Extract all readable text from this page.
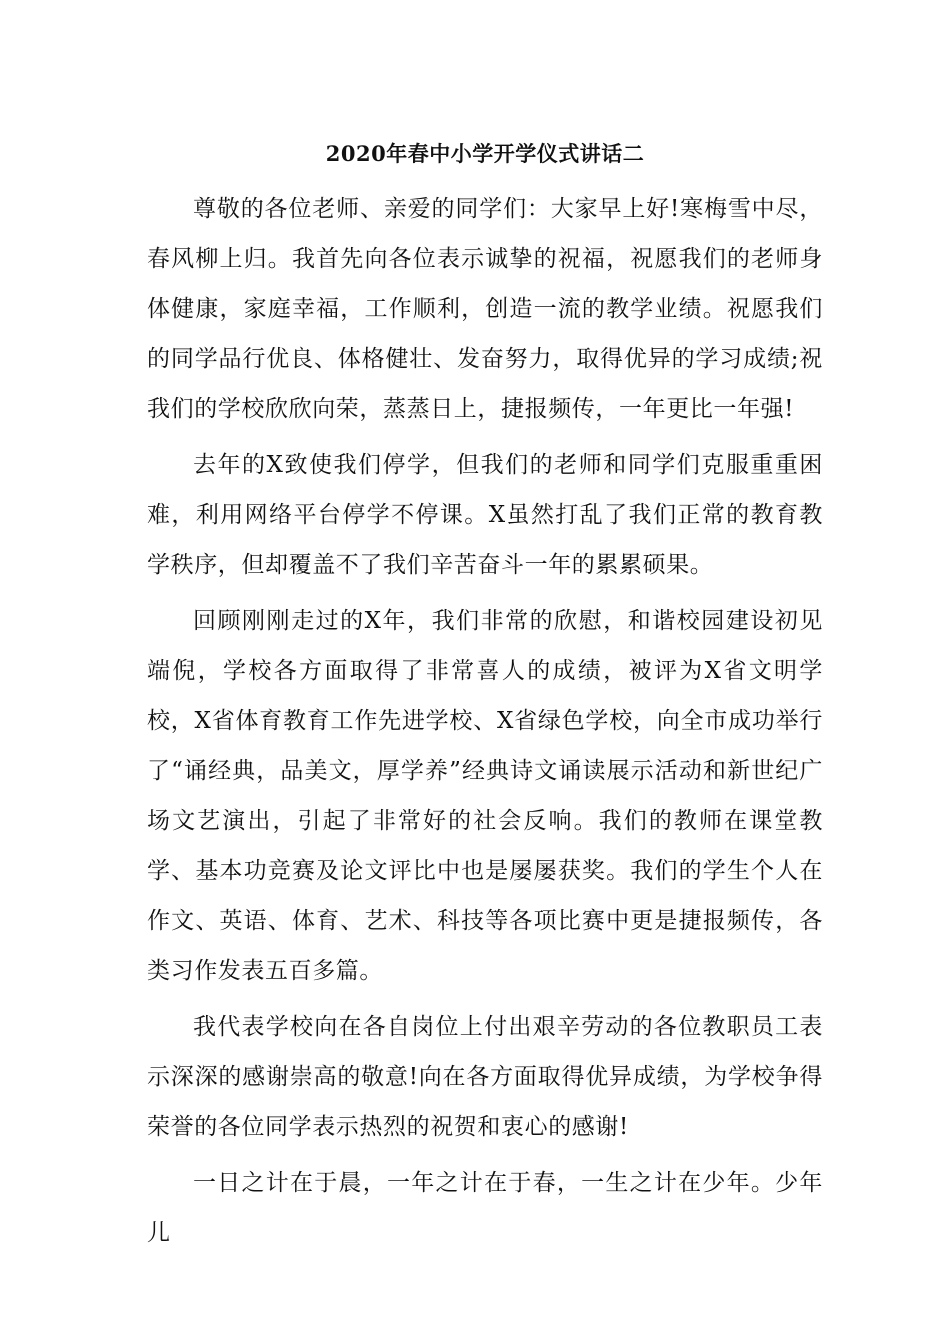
2020年春中小学开学仪式讲话二

尊敬的各位老师、亲爱的同学们：大家早上好!寒梅雪中尽，春风柳上归。我首先向各位表示诚挚的祝福，祝愿我们的老师身体健康，家庭幸福，工作顺利，创造一流的教学业绩。祝愿我们的同学品行优良、体格健壮、发奋努力，取得优异的学习成绩;祝我们的学校欣欣向荣，蒸蒸日上，捷报频传，一年更比一年强!

去年的X致使我们停学，但我们的老师和同学们克服重重困难，利用网络平台停学不停课。X虽然打乱了我们正常的教育教学秩序，但却覆盖不了我们辛苦奋斗一年的累累硕果。

回顾刚刚走过的X年，我们非常的欣慰，和谐校园建设初见端倪，学校各方面取得了非常喜人的成绩，被评为X省文明学校，X省体育教育工作先进学校、X省绿色学校，向全市成功举行了“诵经典，品美文，厚学养”经典诗文诵读展示活动和新世纪广场文艺演出，引起了非常好的社会反响。我们的教师在课堂教学、基本功竞赛及论文评比中也是屡屡获奖。我们的学生个人在作文、英语、体育、艺术、科技等各项比赛中更是捷报频传，各类习作发表五百多篇。

我代表学校向在各自岗位上付出艰辛劳动的各位教职员工表示深深的感谢崇高的敬意!向在各方面取得优异成绩，为学校争得荣誉的各位同学表示热烈的祝贺和衷心的感谢!

一日之计在于晨，一年之计在于春，一生之计在少年。少年儿
